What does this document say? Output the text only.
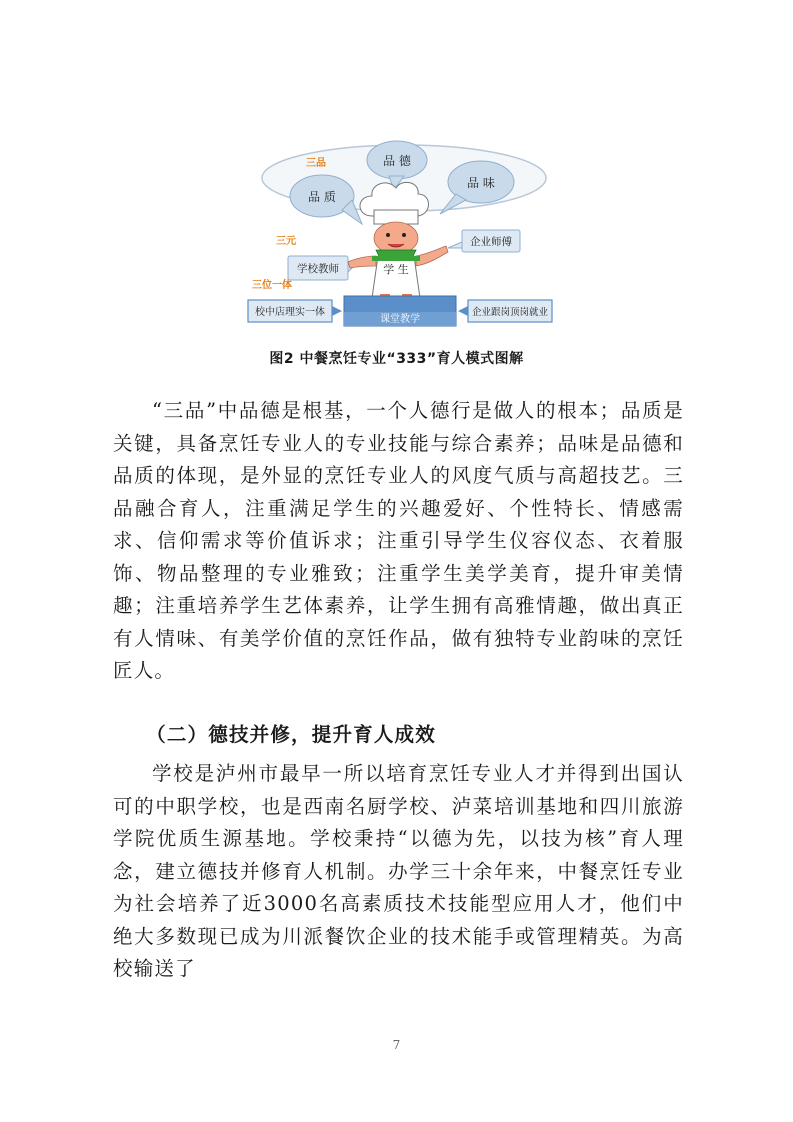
品 德
品 质
品 味
三品
三元
三位一体
企业师傅
学校教师	学 生
校中店理实一体
课堂教学
企业跟岗顶岗就业
图2 中餐烹饪专业“333”育人模式图解

“三品”中品德是根基，一个人德行是做人的根本；品质是关键，具备烹饪专业人的专业技能与综合素养；品味是品德和品质的体现，是外显的烹饪专业人的风度气质与高超技艺。三品融合育人，注重满足学生的兴趣爱好、个性特长、情感需求、信仰需求等价值诉求；注重引导学生仪容仪态、衣着服饰、物品整理的专业雅致；注重学生美学美育，提升审美情趣；注重培养学生艺体素养，让学生拥有高雅情趣，做出真正有人情味、有美学价值的烹饪作品，做有独特专业韵味的烹饪匠人。

（二）德技并修，提升育人成效

学校是泸州市最早一所以培育烹饪专业人才并得到出国认可的中职学校，也是西南名厨学校、泸菜培训基地和四川旅游学院优质生源基地。学校秉持“以德为先，以技为核”育人理念，建立德技并修育人机制。办学三十余年来，中餐烹饪专业为社会培养了近3000名高素质技术技能型应用人才，他们中绝大多数现已成为川派餐饮企业的技术能手或管理精英。为高校输送了

7
